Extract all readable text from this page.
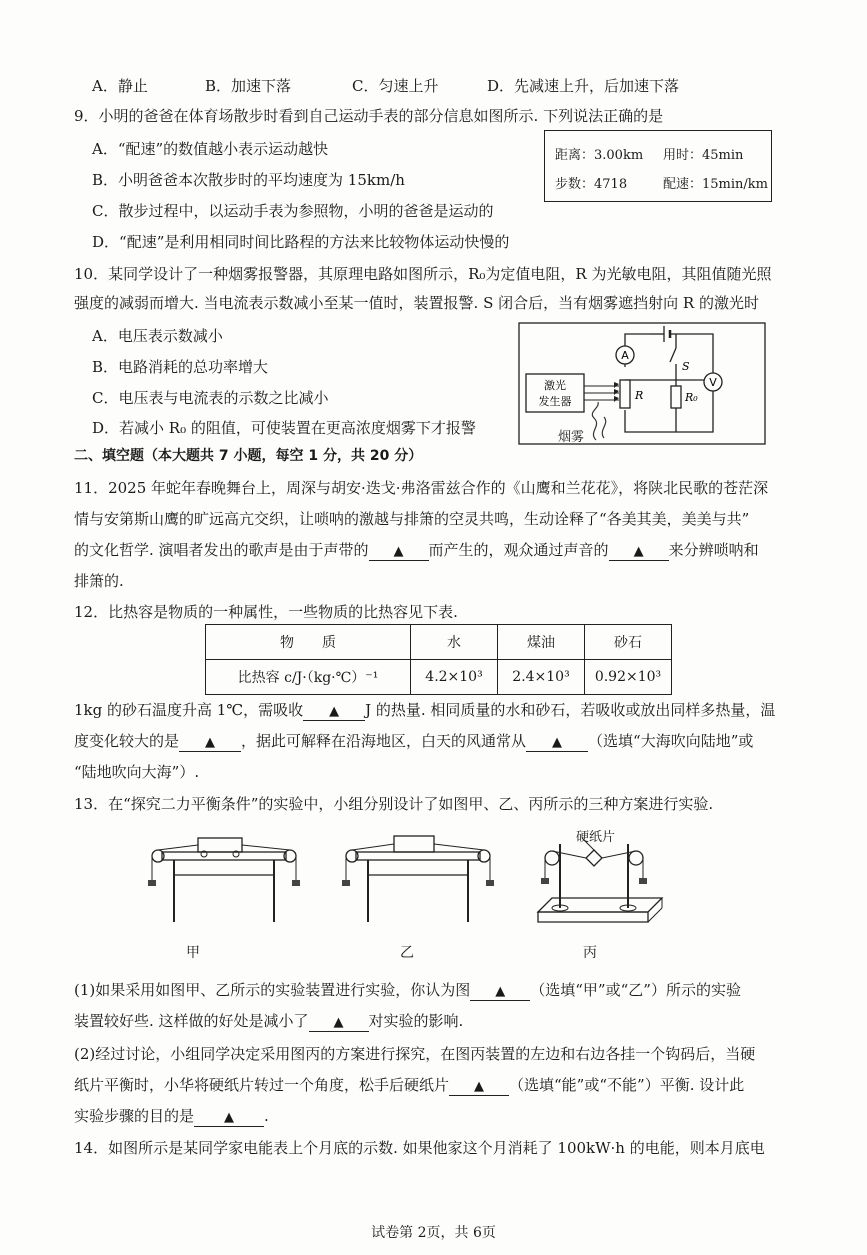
A．静止	B．加速下落	C．匀速上升	D．先减速上升，后加速下落
9．小明的爸爸在体育场散步时看到自己运动手表的部分信息如图所示. 下列说法正确的是
A．“配速”的数值越小表示运动越快
B．小明爸爸本次散步时的平均速度为 15km/h
C．散步过程中，以运动手表为参照物，小明的爸爸是运动的
D．“配速”是利用相同时间比路程的方法来比较物体运动快慢的
距离：3.00km 用时：45min
步数：4718	配速：15min/km
10．某同学设计了一种烟雾报警器，其原理电路如图所示，R₀为定值电阻，R 为光敏电阻，其阻值随光照
强度的减弱而增大. 当电流表示数减小至某一值时，装置报警. S 闭合后，当有烟雾遮挡射向 R 的激光时
A．电压表示数减小
B．电路消耗的总功率增大
C．电压表与电流表的示数之比减小
D．若减小 R₀ 的阻值，可使装置在更高浓度烟雾下才报警
A
R	R₀
S
V
激光
发生器
烟雾
二、填空题（本大题共 7 小题，每空 1 分，共 20 分）
11．2025 年蛇年春晚舞台上，周深与胡安·迭戈·弗洛雷兹合作的《山鹰和兰花花》，将陕北民歌的苍茫深
情与安第斯山鹰的旷远高亢交织，让唢呐的激越与排箫的空灵共鸣，生动诠释了“各美其美，美美与共”
的文化哲学. 演唱者发出的歌声是由于声带的 ▲ 而产生的，观众通过声音的 ▲ 来分辨唢呐和
排箫的.
12．比热容是物质的一种属性，一些物质的比热容见下表.
物　　质	水	煤油	砂石
比热容 c/J·（kg·℃）⁻¹	4.2×10³	2.4×10³	0.92×10³
1kg 的砂石温度升高 1℃，需吸收 ▲ J 的热量. 相同质量的水和砂石，若吸收或放出同样多热量，温
度变化较大的是 ▲ ，据此可解释在沿海地区，白天的风通常从 ▲ （选填“大海吹向陆地”或
“陆地吹向大海”）.
13．在“探究二力平衡条件”的实验中，小组分别设计了如图甲、乙、丙所示的三种方案进行实验.
硬纸片
甲	乙	丙
(1)如果采用如图甲、乙所示的实验装置进行实验，你认为图 ▲ （选填“甲”或“乙”）所示的实验
装置较好些. 这样做的好处是减小了 ▲ 对实验的影响.
(2)经过讨论，小组同学决定采用图丙的方案进行探究，在图丙装置的左边和右边各挂一个钩码后，当硬
纸片平衡时，小华将硬纸片转过一个角度，松手后硬纸片 ▲ （选填“能”或“不能”）平衡. 设计此
实验步骤的目的是 ▲ .
14．如图所示是某同学家电能表上个月底的示数. 如果他家这个月消耗了 100kW·h 的电能，则本月底电
试卷第 2页，共 6页
